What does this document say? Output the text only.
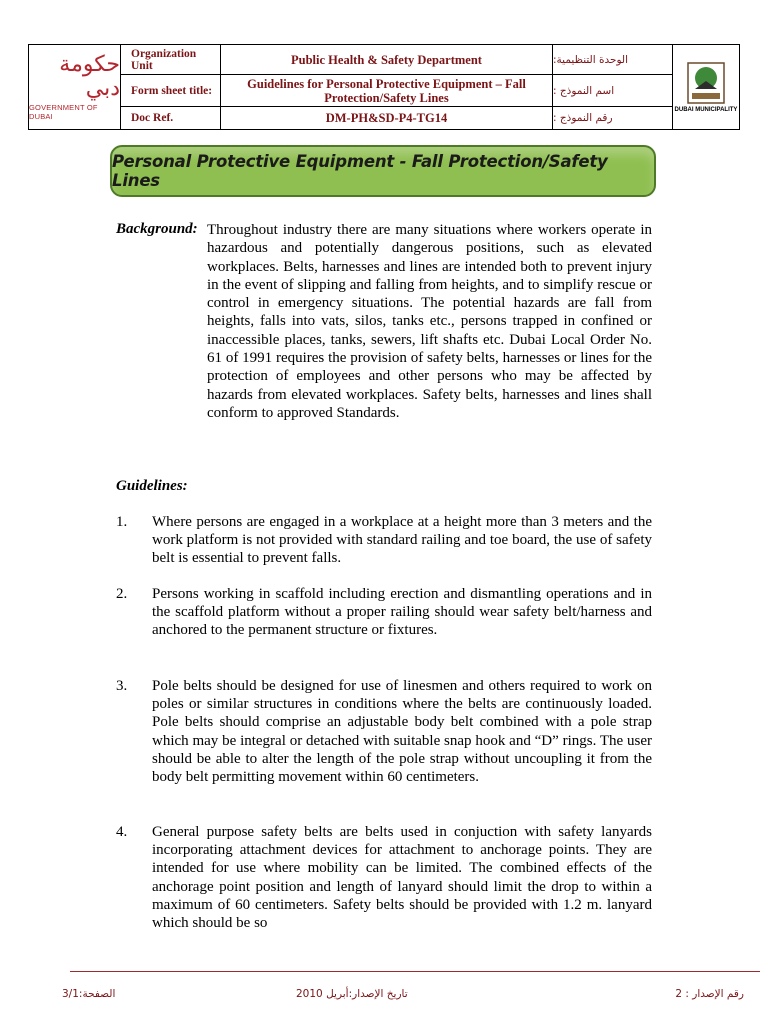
حكومة دبي
GOVERNMENT OF DUBAI
Organization Unit	Public Health & Safety Department	الوحدة التنظيمية:
Form sheet title:	Guidelines for Personal Protective Equipment – Fall Protection/Safety Lines	اسم النموذج :
Doc Ref.	DM-PH&SD-P4-TG14	رقم النموذج :
DUBAI MUNICIPALITY
Personal Protective Equipment - Fall Protection/Safety Lines
Background: Throughout industry there are many situations where workers operate in hazardous and potentially dangerous positions, such as elevated workplaces. Belts, harnesses and lines are intended both to prevent injury in the event of slipping and falling from heights, and to simplify rescue or control in emergency situations. The potential hazards are fall from heights, falls into vats, silos, tanks etc., persons trapped in confined or inaccessible places, tanks, sewers, lift shafts etc. Dubai Local Order No. 61 of 1991 requires the provision of safety belts, harnesses or lines for the protection of employees and other persons who may be affected by hazards from elevated workplaces. Safety belts, harnesses and lines shall conform to approved Standards.
Guidelines:
1.	Where persons are engaged in a workplace at a height more than 3 meters and the work platform is not provided with standard railing and toe board, the use of safety belt is essential to prevent falls.
2.	Persons working in scaffold including erection and dismantling operations and in the scaffold platform without a proper railing should wear safety belt/harness and anchored to the permanent structure or fixtures.
3.	Pole belts should be designed for use of linesmen and others required to work on poles or similar structures in conditions where the belts are continuously loaded. Pole belts should comprise an adjustable body belt combined with a pole strap which may be integral or detached with suitable snap hook and “D” rings. The user should be able to alter the length of the pole strap without uncoupling it from the body belt permitting movement within 60 centimeters.
4.	General purpose safety belts are belts used in conjuction with safety lanyards incorporating attachment devices for attachment to anchorage points. They are intended for use where mobility can be limited. The combined effects of the anchorage point position and length of lanyard should limit the drop to within a maximum of 60 centimeters. Safety belts should be provided with 1.2 m. lanyard which should be so
رقم الإصدار : 2
تاريخ الإصدار:أبريل 2010
الصفحة:3/1
